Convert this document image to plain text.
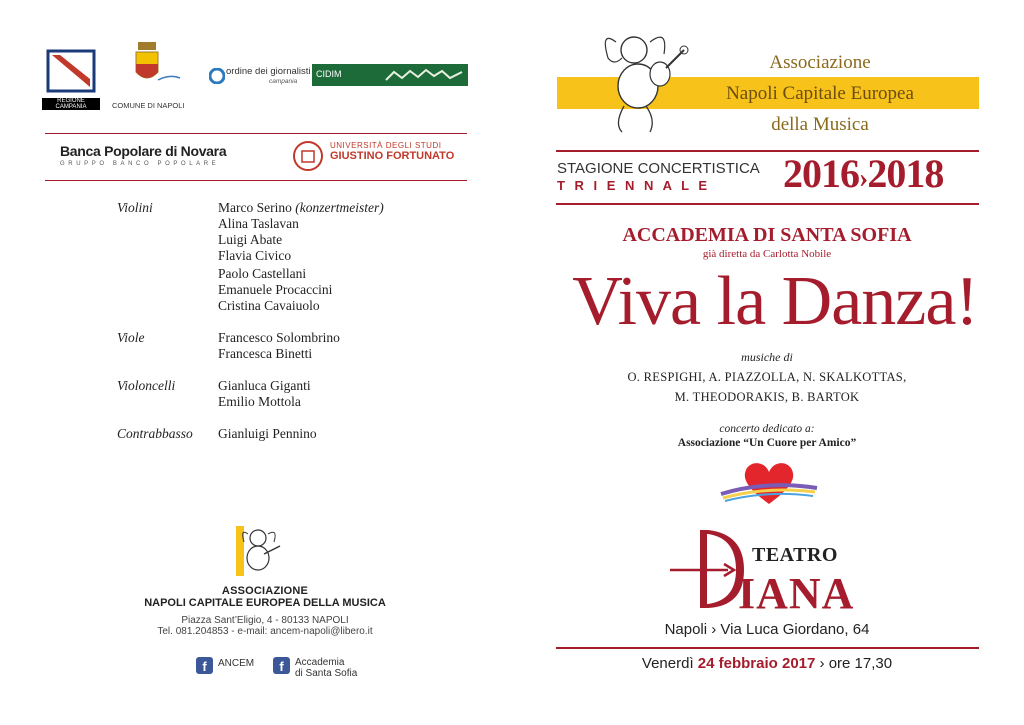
REGIONE CAMPANIA	COMUNE DI NAPOLI
ordine dei giornalisti
campania
CIDIM
Banca Popolare di Novara
GRUPPO BANCO POPOLARE
UNIVERSITÀ DEGLI STUDI
GIUSTINO FORTUNATO
Violini	Marco Serino (konzertmeister)
Alina Taslavan
Luigi Abate
Flavia Civico
Paolo Castellani
Emanuele Procaccini
Cristina Cavaiuolo
Viole	Francesco Solombrino
Francesca Binetti
Violoncelli	Gianluca Giganti
Emilio Mottola
Contrabbasso	Gianluigi Pennino
ASSOCIAZIONE
NAPOLI CAPITALE EUROPEA DELLA MUSICA
Piazza Sant’Eligio, 4 - 80133 NAPOLI
Tel. 081.204853 - e-mail: ancem-napoli@libero.it
f	ANCEM	f	Accademia
di Santa Sofia
Associazione
Napoli Capitale Europea
della Musica
STAGIONE CONCERTISTICA
T R I E N N A L E 2016›2018
ACCADEMIA DI SANTA SOFIA
già diretta da Carlotta Nobile
Viva la Danza!
musiche di
O. RESPIGHI, A. PIAZZOLLA, N. SKALKOTTAS,
M. THEODORAKIS, B. BARTOK
concerto dedicato a:
Associazione “Un Cuore per Amico”
TEATRO
IANA
Napoli › Via Luca Giordano, 64
Venerdì 24 febbraio 2017 › ore 17,30
